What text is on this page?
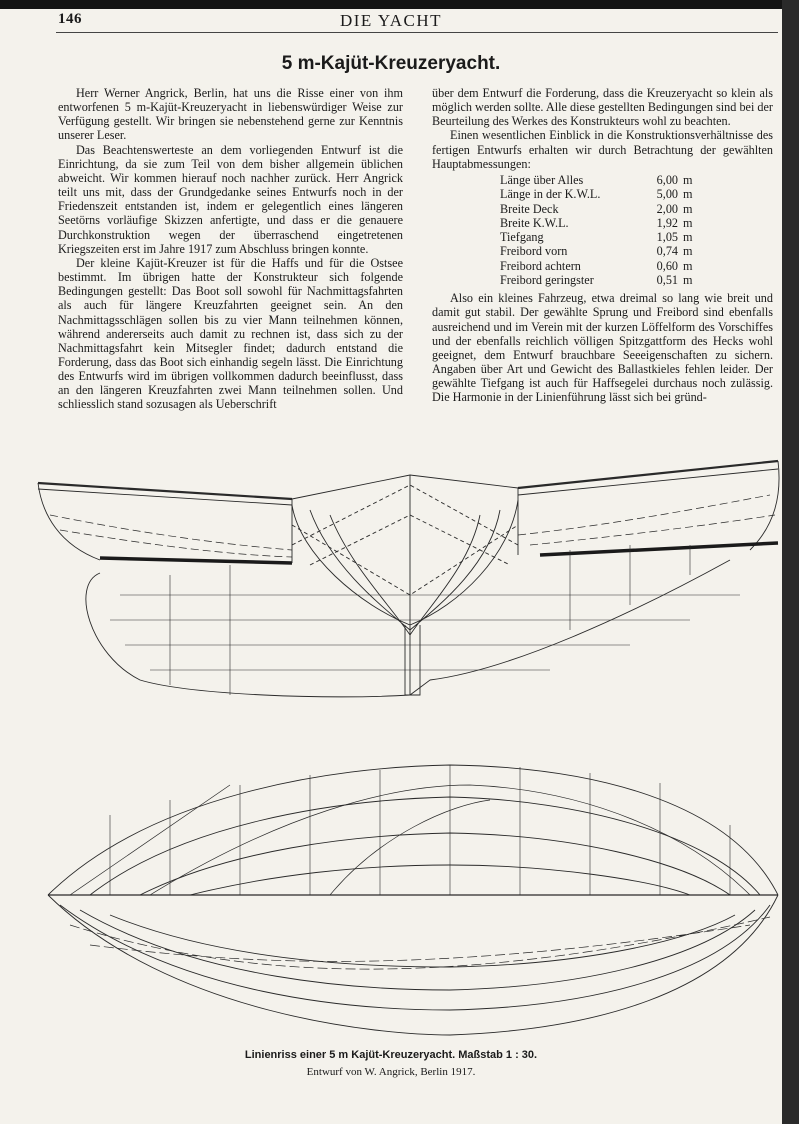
146	DIE YACHT
5 m-Kajüt-Kreuzeryacht.

Herr Werner Angrick, Berlin, hat uns die Risse einer von ihm entworfenen 5 m-Kajüt-Kreuzeryacht in liebenswürdiger Weise zur Verfügung gestellt. Wir bringen sie nebenstehend gerne zur Kenntnis unserer Leser.

Das Beachtenswerteste an dem vorliegenden Entwurf ist die Einrichtung, da sie zum Teil von dem bisher allgemein üblichen abweicht. Wir kommen hierauf noch nachher zurück. Herr Angrick teilt uns mit, dass der Grundgedanke seines Entwurfs noch in der Friedenszeit entstanden ist, indem er gelegentlich eines längeren Seetörns vorläufige Skizzen anfertigte, und dass er die genauere Durchkonstruktion wegen der überraschend eingetretenen Kriegszeiten erst im Jahre 1917 zum Abschluss bringen konnte.

Der kleine Kajüt-Kreuzer ist für die Haffs und für die Ostsee bestimmt. Im übrigen hatte der Konstrukteur sich folgende Bedingungen gestellt: Das Boot soll sowohl für Nachmittagsfahrten als auch für längere Kreuzfahrten geeignet sein. An den Nachmittagsschlägen sollen bis zu vier Mann teilnehmen können, während andererseits auch damit zu rechnen ist, dass sich zu der Nachmittagsfahrt kein Mitsegler findet; dadurch entstand die Forderung, dass das Boot sich einhandig segeln lässt. Die Einrichtung des Entwurfs wird im übrigen vollkommen dadurch beeinflusst, dass an den längeren Kreuzfahrten zwei Mann teilnehmen sollen. Und schliesslich stand sozusagen als Ueberschrift

über dem Entwurf die Forderung, dass die Kreuzeryacht so klein als möglich werden sollte. Alle diese gestellten Bedingungen sind bei der Beurteilung des Werkes des Konstrukteurs wohl zu beachten.

Einen wesentlichen Einblick in die Konstruktionsverhältnisse des fertigen Entwurfs erhalten wir durch Betrachtung der gewählten Hauptabmessungen:

Länge über Alles	6,00	m
Länge in der K.W.L.	5,00	m
Breite Deck	2,00	m
Breite K.W.L.	1,92	m
Tiefgang	1,05	m
Freibord vorn	0,74	m
Freibord achtern	0,60	m
Freibord geringster	0,51	m

Also ein kleines Fahrzeug, etwa dreimal so lang wie breit und damit gut stabil. Der gewählte Sprung und Freibord sind ebenfalls ausreichend und im Verein mit der kurzen Löffelform des Vorschiffes und der ebenfalls reichlich völligen Spitzgattform des Hecks wohl geeignet, dem Entwurf brauchbare Seeeigenschaften zu sichern. Angaben über Art und Gewicht des Ballastkieles fehlen leider. Der gewählte Tiefgang ist auch für Haffsegelei durchaus noch zulässig. Die Harmonie in der Linienführung lässt sich bei gründ-

Linienriss einer 5 m Kajüt-Kreuzeryacht. Maßstab 1 : 30.
Entwurf von W. Angrick, Berlin 1917.
